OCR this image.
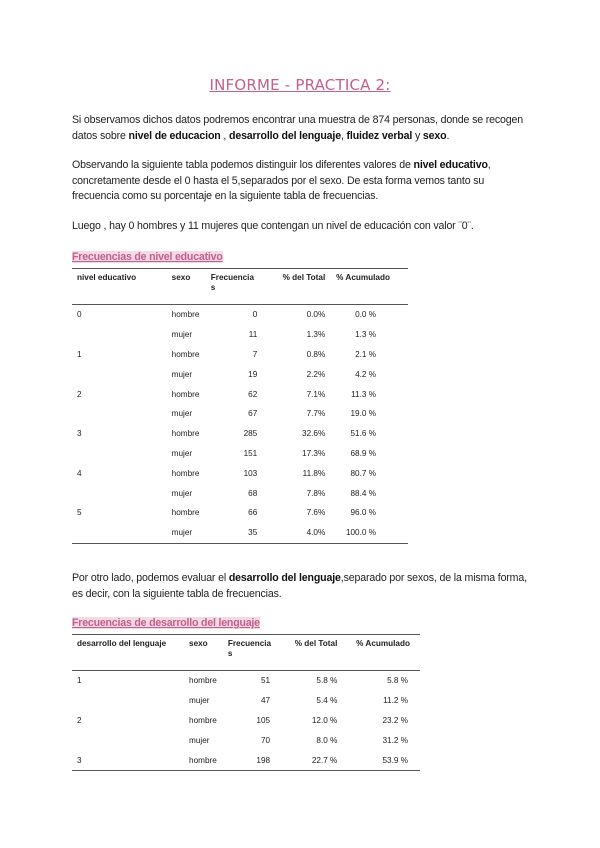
INFORME - PRACTICA 2:
Si observamos dichos datos podremos encontrar una muestra de 874 personas, donde se recogen datos sobre nivel de educacion , desarrollo del lenguaje, fluidez verbal y sexo.
Observando la siguiente tabla podemos distinguir los diferentes valores de nivel educativo, concretamente desde el 0 hasta el 5,separados por el sexo. De esta forma vemos tanto su frecuencia como su porcentaje en la siguiente tabla de frecuencias.
Luego , hay 0 hombres y 11 mujeres que contengan un nivel de educación con valor ¨0¨.
Frecuencias de nivel educativo
nivel educativo	sexo	Frecuencia s	% del Total	% Acumulado
0	hombre	0	0.0%	0.0 %
	mujer	11	1.3%	1.3 %
1	hombre	7	0.8%	2.1 %
	mujer	19	2.2%	4.2 %
2	hombre	62	7.1%	11.3 %
	mujer	67	7.7%	19.0 %
3	hombre	285	32.6%	51.6 %
	mujer	151	17.3%	68.9 %
4	hombre	103	11.8%	80.7 %
	mujer	68	7.8%	88.4 %
5	hombre	66	7.6%	96.0 %
	mujer	35	4.0%	100.0 %
Por otro lado, podemos evaluar el desarrollo del lenguaje,separado por sexos, de la misma forma, es decir, con la siguiente tabla de frecuencias.
Frecuencias de desarrollo del lenguaje
desarrollo del lenguaje	sexo	Frecuencia s	% del Total	% Acumulado
1	hombre	51	5.8 %	5.8 %
	mujer	47	5.4 %	11.2 %
2	hombre	105	12.0 %	23.2 %
	mujer	70	8.0 %	31.2 %
3	hombre	198	22.7 %	53.9 %
